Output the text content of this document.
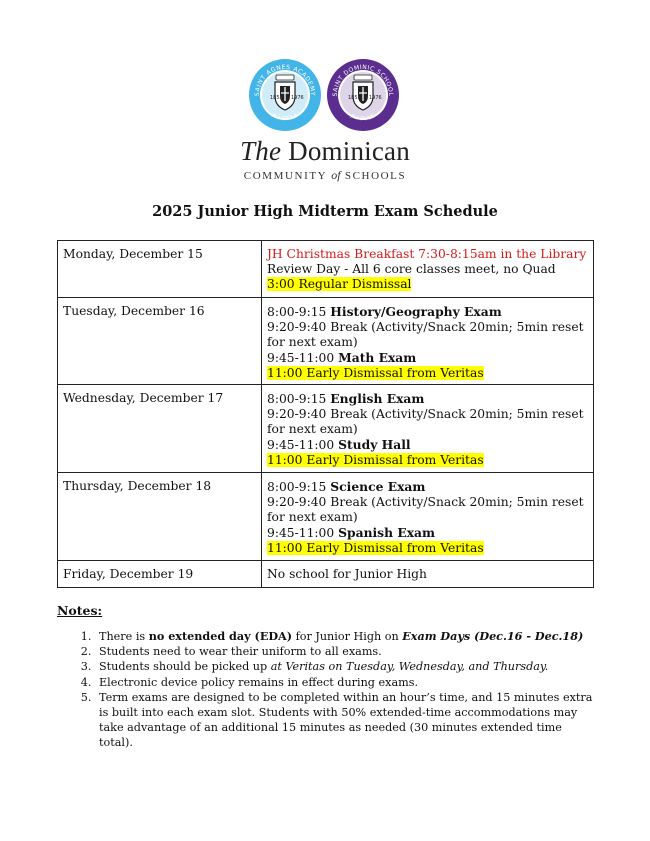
1851 1976
SAINT AGNES ACADEMY
for GIRLS
1851 1976
SAINT DOMINIC SCHOOL
for BOYS
The Dominican
COMMUNITY of SCHOOLS
2025 Junior High Midterm Exam Schedule
Monday, December 15	JH Christmas Breakfast 7:30-8:15am in the Library
Review Day - All 6 core classes meet, no Quad
3:00 Regular Dismissal

Tuesday, December 16	8:00-9:15 History/Geography Exam
9:20-9:40 Break (Activity/Snack 20min; 5min reset for next exam)
9:45-11:00 Math Exam
11:00 Early Dismissal from Veritas

Wednesday, December 17	8:00-9:15 English Exam
9:20-9:40 Break (Activity/Snack 20min; 5min reset for next exam)
9:45-11:00 Study Hall
11:00 Early Dismissal from Veritas

Thursday, December 18	8:00-9:15 Science Exam
9:20-9:40 Break (Activity/Snack 20min; 5min reset for next exam)
9:45-11:00 Spanish Exam
11:00 Early Dismissal from Veritas

Friday, December 19	No school for Junior High
Notes:
1. There is no extended day (EDA) for Junior High on Exam Days (Dec.16 - Dec.18)
2. Students need to wear their uniform to all exams.
3. Students should be picked up at Veritas on Tuesday, Wednesday, and Thursday.
4. Electronic device policy remains in effect during exams.
5. Term exams are designed to be completed within an hour’s time, and 15 minutes extra is built into each exam slot. Students with 50% extended-time accommodations may take advantage of an additional 15 minutes as needed (30 minutes extended time total).
